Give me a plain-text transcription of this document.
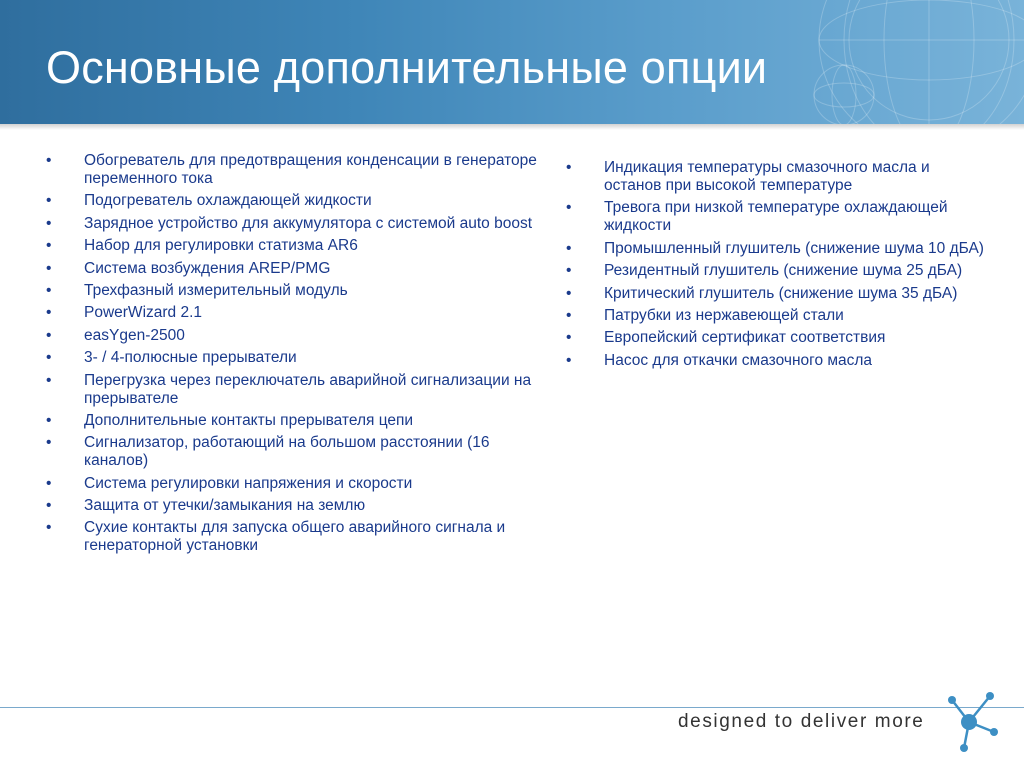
Основные дополнительные опции
• Обогреватель для предотвращения конденсации в генераторе переменного тока
• Подогреватель охлаждающей жидкости
• Зарядное устройство для аккумулятора с системой auto boost
• Набор для регулировки статизма AR6
• Система возбуждения AREP/PMG
• Трехфазный измерительный модуль
• PowerWizard 2.1
• easYgen-2500
• 3- / 4-полюсные прерыватели
• Перегрузка через переключатель аварийной сигнализации на прерывателе
• Дополнительные контакты прерывателя цепи
• Сигнализатор, работающий на большом расстоянии (16 каналов)
• Система регулировки напряжения и скорости
• Защита от утечки/замыкания на землю
• Сухие контакты для запуска общего аварийного сигнала и генераторной установки
• Индикация температуры смазочного масла и останов при высокой температуре
• Тревога при низкой температуре охлаждающей жидкости
• Промышленный глушитель (снижение шума 10 дБА)
• Резидентный глушитель (снижение шума 25 дБА)
• Критический глушитель (снижение шума 35 дБА)
• Патрубки из нержавеющей стали
• Европейский сертификат соответствия
• Насос для откачки смазочного масла
designed to deliver more
